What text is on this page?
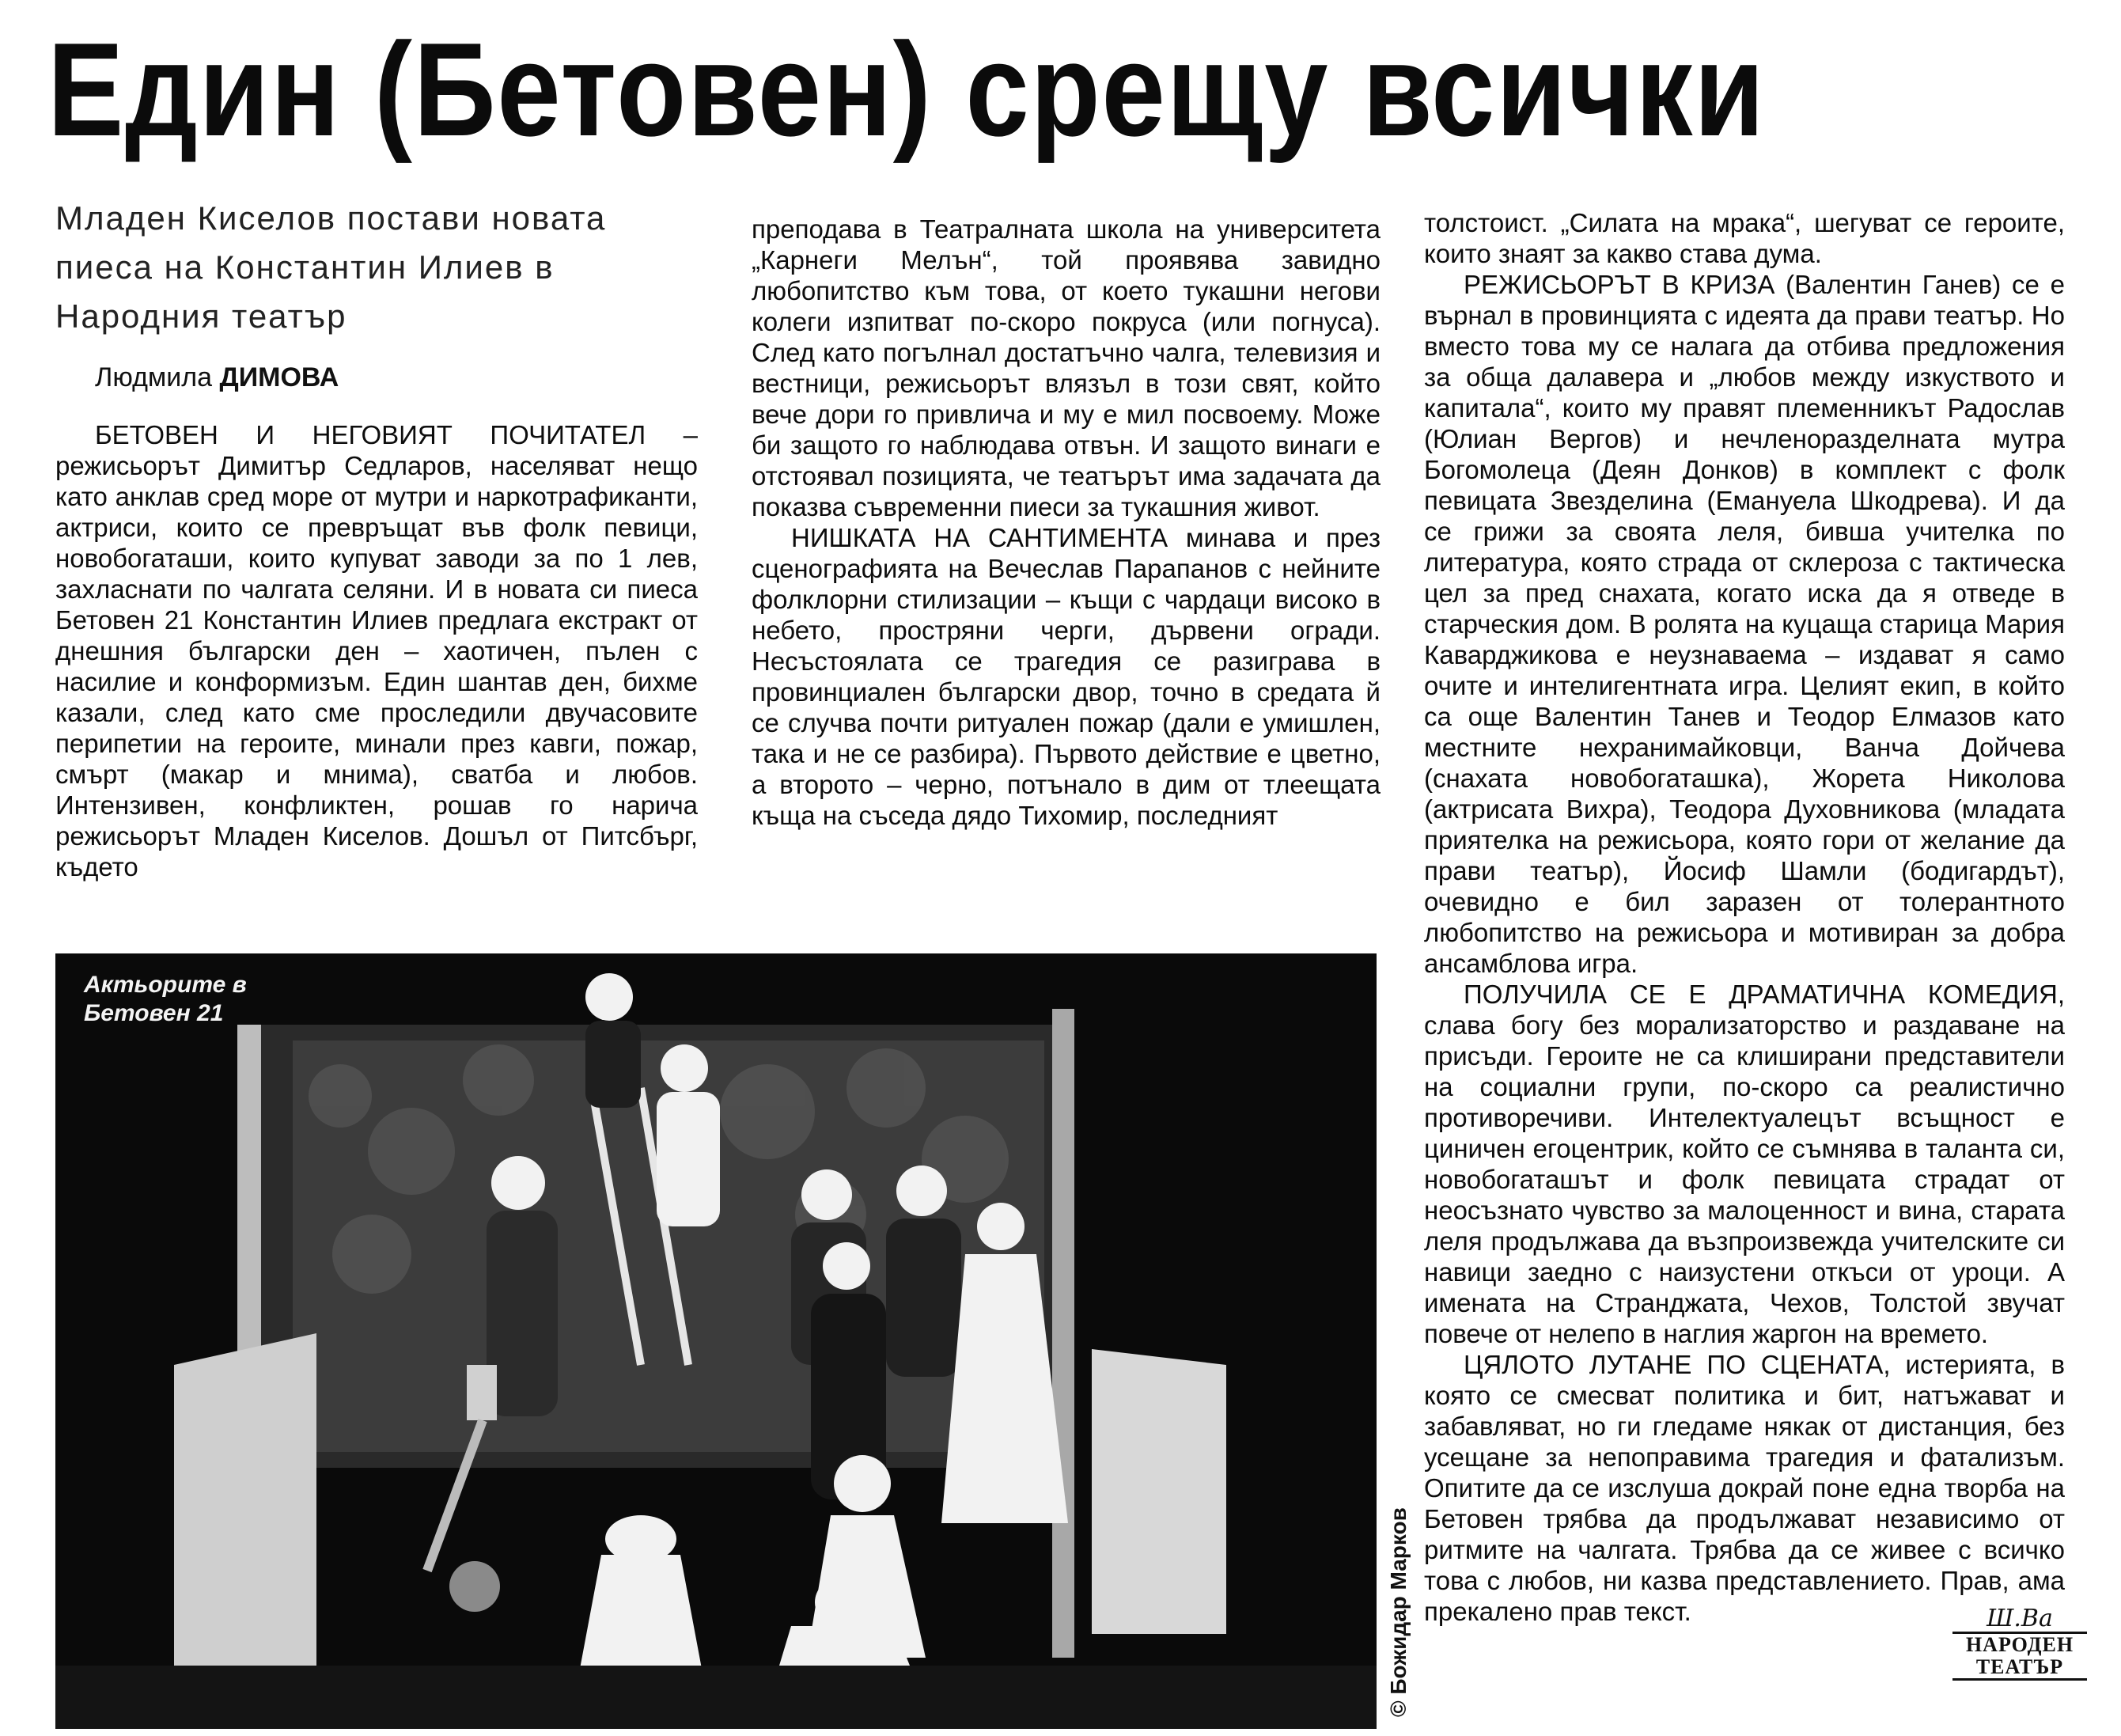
Един (Бетовен) срещу всички
Младен Киселов постави новата пиеса на Константин Илиев в Народния театър
Людмила ДИМОВА

БЕТОВЕН И НЕГОВИЯТ ПОЧИТАТЕЛ – режисьорът Димитър Седларов, населяват нещо като анклав сред море от мутри и наркотрафиканти, актриси, които се превръщат във фолк певици, новобогаташи, които купуват заводи за по 1 лев, захласнати по чалгата селяни. И в новата си пиеса Бетовен 21 Константин Илиев предлага екстракт от днешния български ден – хаотичен, пълен с насилие и конформизъм. Един шантав ден, бихме казали, след като сме проследили двучасовите перипетии на героите, минали през кавги, пожар, смърт (макар и мнима), сватба и любов. Интензивен, конфликтен, рошав го нарича режисьорът Младен Киселов. Дошъл от Питсбърг, където

преподава в Театралната школа на университета „Карнеги Мелън“, той проявява завидно любопитство към това, от което тукашни негови колеги изпитват по-скоро покруса (или погнуса). След като погълнал достатъчно чалга, телевизия и вестници, режисьорът влязъл в този свят, който вече дори го привлича и му е мил посвоему. Може би защото го наблюдава отвън. И защото винаги е отстоявал позицията, че театърът има задачата да показва съвременни пиеси за тукашния живот.

НИШКАТА НА САНТИМЕНТА минава и през сценографията на Вечеслав Парапанов с нейните фолклорни стилизации – къщи с чардаци високо в небето, простряни черги, дървени огради. Несъстоялата се трагедия се разиграва в провинциален български двор, точно в средата й се случва почти ритуален пожар (дали е умишлен, така и не се разбира). Първото действие е цветно, а второто – черно, потънало в дим от тлеещата къща на съседа дядо Тихомир, последният

толстоист. „Силата на мрака“, шегуват се героите, които знаят за какво става дума.

РЕЖИСЬОРЪТ В КРИЗА (Валентин Ганев) се е върнал в провинцията с идеята да прави театър. Но вместо това му се налага да отбива предложения за обща далавера и „любов между изкуството и капитала“, които му правят племенникът Радослав (Юлиан Вергов) и нечленоразделната мутра Богомолеца (Деян Донков) в комплект с фолк певицата Звезделина (Емануела Шкодрева). И да се грижи за своята леля, бивша учителка по литература, която страда от склероза с тактическа цел за пред снахата, когато иска да я отведе в старческия дом. В ролята на куцаща старица Мария Каварджикова е неузнаваема – издават я само очите и интелигентната игра. Целият екип, в който са още Валентин Танев и Теодор Елмазов като местните нехранимайковци, Ванча Дойчева (снахата новобогаташка), Жорета Николова (актрисата Вихра), Теодора Духовникова (младата приятелка на режисьора, която гори от желание да прави театър), Йосиф Шамли (бодигардът), очевидно е бил заразен от толерантното любопитство на режисьора и мотивиран за добра ансамблова игра.

ПОЛУЧИЛА СЕ Е ДРАМАТИЧНА КОМЕДИЯ, слава богу без морализаторство и раздаване на присъди. Героите не са клиширани представители на социални групи, по-скоро са реалистично противоречиви. Интелектуалецът всъщност е циничен егоцентрик, който се съмнява в таланта си, новобогаташът и фолк певицата страдат от неосъзнато чувство за малоценност и вина, старата леля продължава да възпроизвежда учителските си навици заедно с наизустени откъси от уроци. А имената на Странджата, Чехов, Толстой звучат повече от нелепо в наглия жаргон на времето.

ЦЯЛОТО ЛУТАНЕ ПО СЦЕНАТА, истерията, в която се смесват политика и бит, натъжават и забавляват, но ги гледаме някак от дистанция, без усещане за непоправима трагедия и фатализъм. Опитите да се изслуша докрай поне една творба на Бетовен трябва да продължават независимо от ритмите на чалгата. Трябва да се живее с всичко това с любов, ни казва представлението. Прав, ама прекалено прав текст.

Актьорите в
Бетовен 21
© Божидар Марков	Ш.Ва
НАРОДЕН ТЕАТЪР
